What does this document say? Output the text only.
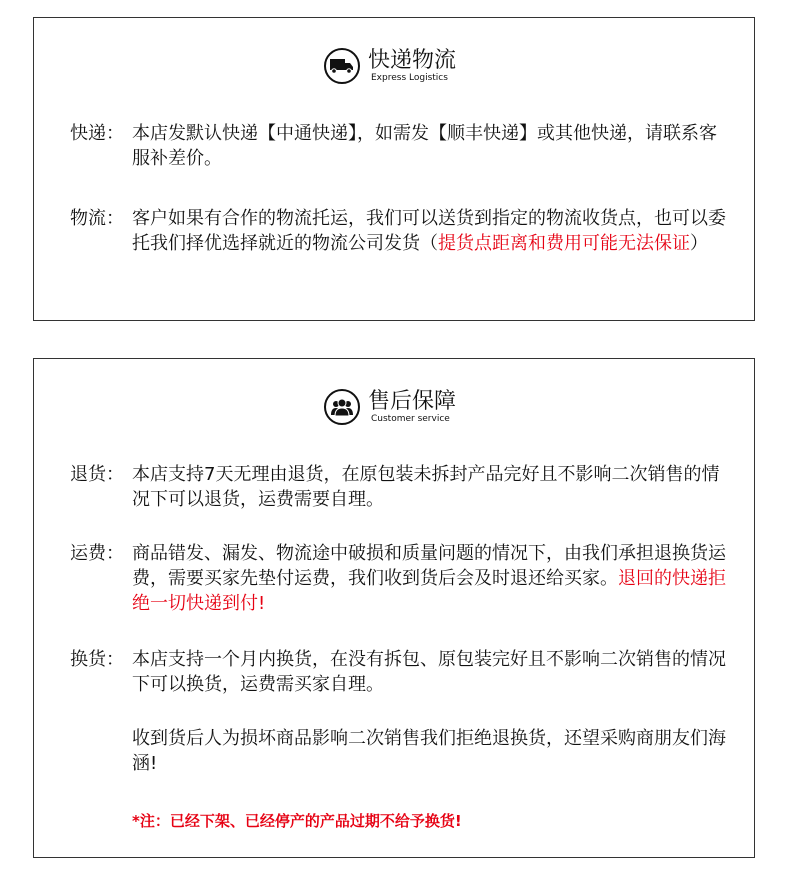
快递物流
Express Logistics
快递： 本店发默认快递【中通快递】，如需发【顺丰快递】或其他快递，请联系客服补差价。
物流： 客户如果有合作的物流托运，我们可以送货到指定的物流收货点，也可以委托我们择优选择就近的物流公司发货（提货点距离和费用可能无法保证）
售后保障
Customer service
退货： 本店支持7天无理由退货，在原包装未拆封产品完好且不影响二次销售的情况下可以退货，运费需要自理。
运费： 商品错发、漏发、物流途中破损和质量问题的情况下，由我们承担退换货运费，需要买家先垫付运费，我们收到货后会及时退还给买家。退回的快递拒绝一切快递到付!
换货： 本店支持一个月内换货，在没有拆包、原包装完好且不影响二次销售的情况下可以换货，运费需买家自理。
收到货后人为损坏商品影响二次销售我们拒绝退换货，还望采购商朋友们海涵!
*注：已经下架、已经停产的产品过期不给予换货!
